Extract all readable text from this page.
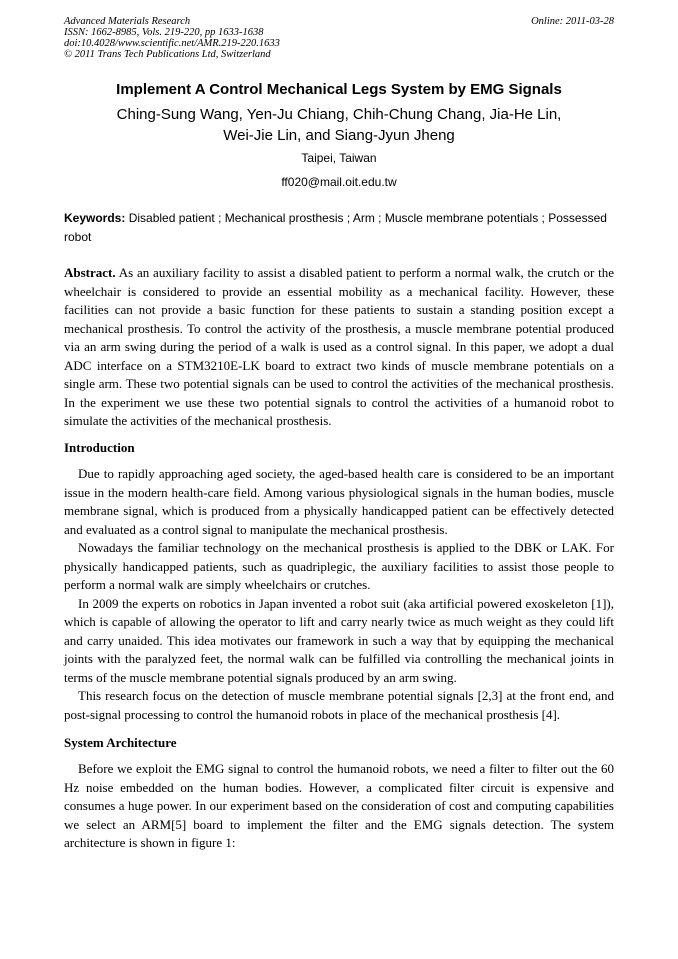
Advanced Materials Research
ISSN: 1662-8985, Vols. 219-220, pp 1633-1638
doi:10.4028/www.scientific.net/AMR.219-220.1633
© 2011 Trans Tech Publications Ltd, Switzerland
Online: 2011-03-28
Implement A Control Mechanical Legs System by EMG Signals
Ching-Sung Wang, Yen-Ju Chiang, Chih-Chung Chang, Jia-He Lin,
Wei-Jie Lin, and Siang-Jyun Jheng
Taipei, Taiwan
ff020@mail.oit.edu.tw
Keywords: Disabled patient ; Mechanical prosthesis ; Arm ; Muscle membrane potentials ; Possessed robot
Abstract. As an auxiliary facility to assist a disabled patient to perform a normal walk, the crutch or the wheelchair is considered to provide an essential mobility as a mechanical facility. However, these facilities can not provide a basic function for these patients to sustain a standing position except a mechanical prosthesis. To control the activity of the prosthesis, a muscle membrane potential produced via an arm swing during the period of a walk is used as a control signal. In this paper, we adopt a dual ADC interface on a STM3210E-LK board to extract two kinds of muscle membrane potentials on a single arm. These two potential signals can be used to control the activities of the mechanical prosthesis. In the experiment we use these two potential signals to control the activities of a humanoid robot to simulate the activities of the mechanical prosthesis.
Introduction

Due to rapidly approaching aged society, the aged-based health care is considered to be an important issue in the modern health-care field. Among various physiological signals in the human bodies, muscle membrane signal, which is produced from a physically handicapped patient can be effectively detected and evaluated as a control signal to manipulate the mechanical prosthesis.

Nowadays the familiar technology on the mechanical prosthesis is applied to the DBK or LAK. For physically handicapped patients, such as quadriplegic, the auxiliary facilities to assist those people to perform a normal walk are simply wheelchairs or crutches.

In 2009 the experts on robotics in Japan invented a robot suit (aka artificial powered exoskeleton [1]), which is capable of allowing the operator to lift and carry nearly twice as much weight as they could lift and carry unaided. This idea motivates our framework in such a way that by equipping the mechanical joints with the paralyzed feet, the normal walk can be fulfilled via controlling the mechanical joints in terms of the muscle membrane potential signals produced by an arm swing.

This research focus on the detection of muscle membrane potential signals [2,3] at the front end, and post-signal processing to control the humanoid robots in place of the mechanical prosthesis [4].

System Architecture

Before we exploit the EMG signal to control the humanoid robots, we need a filter to filter out the 60 Hz noise embedded on the human bodies. However, a complicated filter circuit is expensive and consumes a huge power. In our experiment based on the consideration of cost and computing capabilities we select an ARM[5] board to implement the filter and the EMG signals detection. The system architecture is shown in figure 1:
